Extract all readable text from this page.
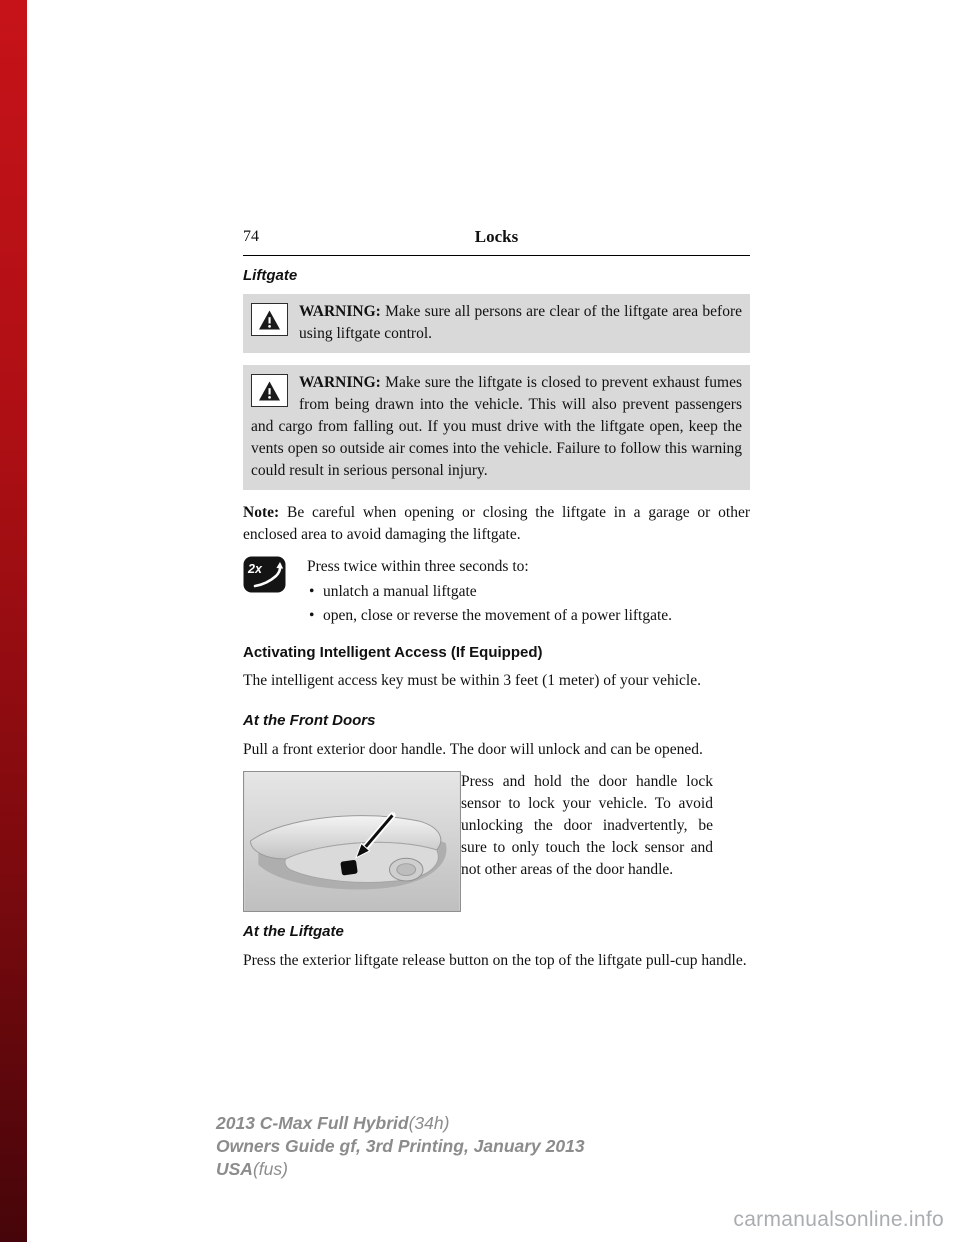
74	Locks
Liftgate

WARNING: Make sure all persons are clear of the liftgate area before using liftgate control.

WARNING: Make sure the liftgate is closed to prevent exhaust fumes from being drawn into the vehicle. This will also prevent passengers and cargo from falling out. If you must drive with the liftgate open, keep the vents open so outside air comes into the vehicle. Failure to follow this warning could result in serious personal injury.

Note: Be careful when opening or closing the liftgate in a garage or other enclosed area to avoid damaging the liftgate.

2x	Press twice within three seconds to:

• unlatch a manual liftgate
• open, close or reverse the movement of a power liftgate.
Activating Intelligent Access (If Equipped)

The intelligent access key must be within 3 feet (1 meter) of your vehicle.

At the Front Doors

Pull a front exterior door handle. The door will unlock and can be opened.

Press and hold the door handle lock sensor to lock your vehicle. To avoid unlocking the door inadvertently, be sure to only touch the lock sensor and not other areas of the door handle.

At the Liftgate

Press the exterior liftgate release button on the top of the liftgate pull-cup handle.

2013 C-Max Full Hybrid(34h)
Owners Guide gf, 3rd Printing, January 2013
USA(fus)
carmanualsonline.info
